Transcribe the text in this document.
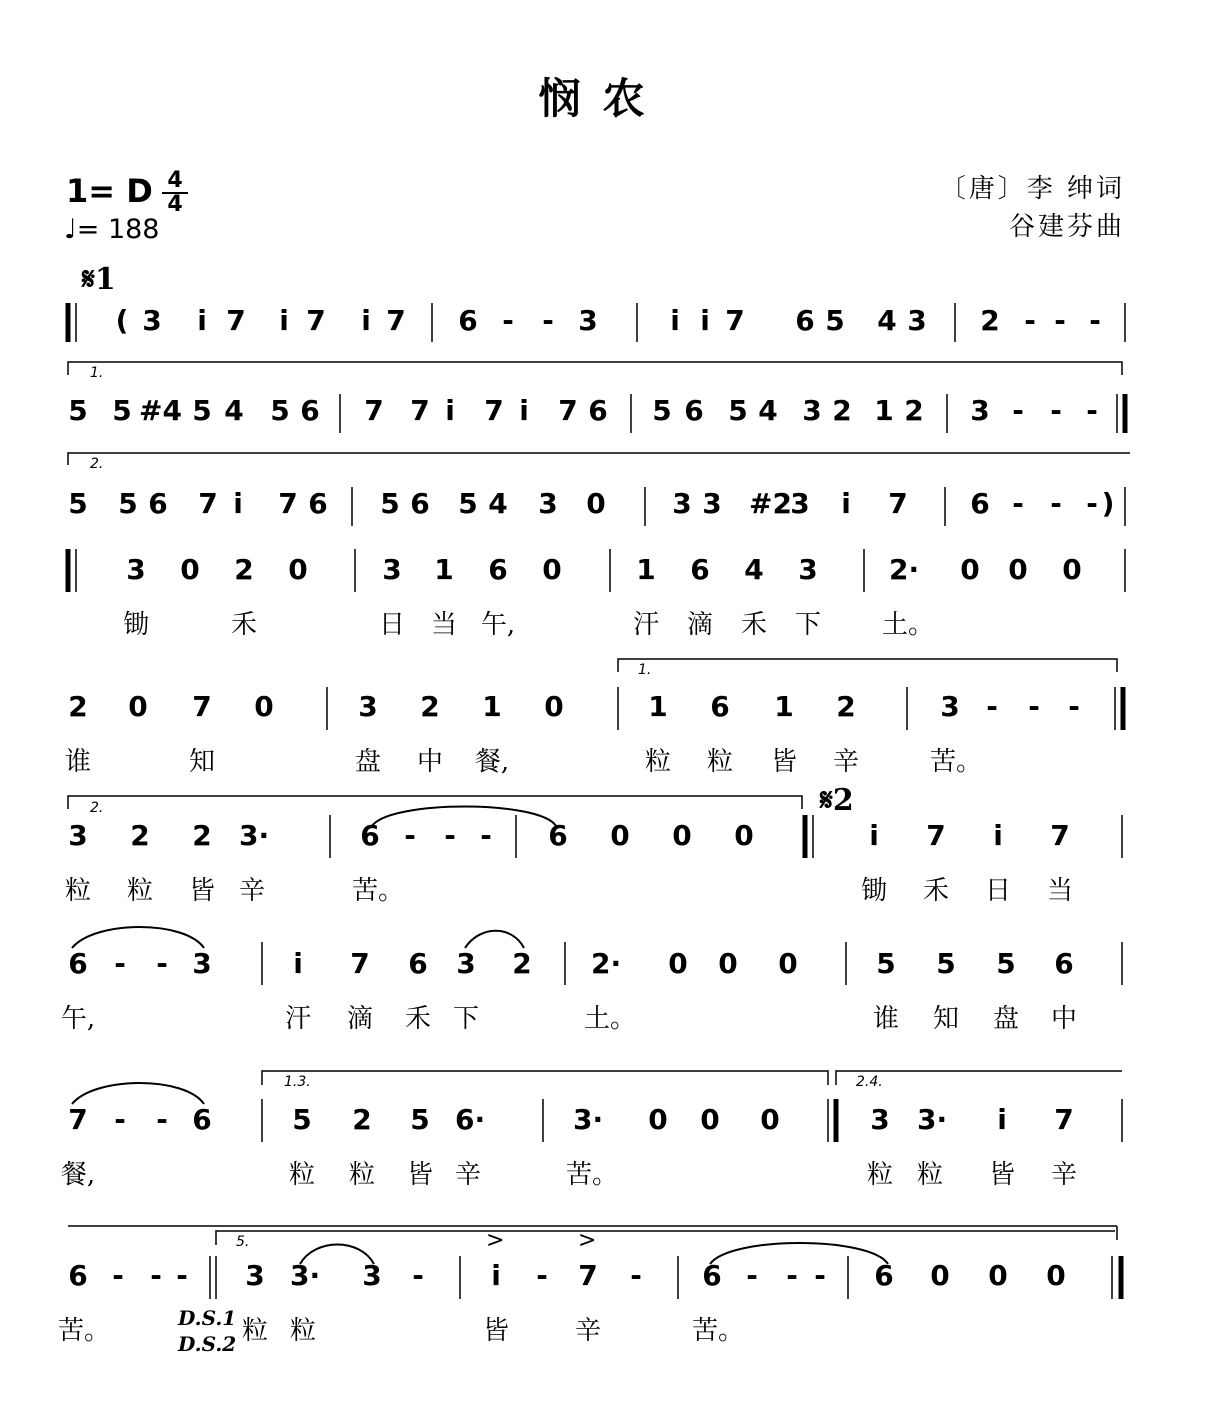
悯农
1= D 4
4
♩= 188
〔唐〕李 绅词
谷建芬曲
𝄋1
𝄋2
1.
2.
1.
2.
1.3.	2.4.
5.
D.S.1
D.S.2
>	>
( 3 i 7 i 7 i 7 6 - - 3	i i 7 6 5 4 3 2 - - -
5 5 #4 5 4 5 6 7 7 i 7 i 7 6 5 6 5 4 3 2 1 2 3 - - -
5 5 6 7 i 7 6 5 6 5 4 3 0 3 3 #2
3 i 7 6 - - - )
3 0 2 0	3 1 6 0	1 6 4 3	2· 0 0 0
锄	禾	日 当 午,	汗 滴 禾 下 土。
2 0 7 0	3 2 1 0	1 6 1 2	3 - - -
谁	知	盘 中 餐,	粒 粒 皆 辛	苦。
3 2 2 3·	6 - - - 6 0 0 0	i 7 i 7
粒 粒 皆 辛	苦。	锄 禾 日 当
6 - - 3	i 7 6 3 2 2· 0 0 0	5 5 5 6
午,	汗 滴 禾 下	土。	谁 知 盘 中
7 - - 6	5 2 5 6·	3· 0 0 0	3 3· i 7
餐,	粒 粒 皆 辛	苦。	粒 粒 皆 辛
6 - - - 3 3· 3 - i - 7 - 6 - - - 6 0 0 0
苦。	粒 粒	皆	辛	苦。
